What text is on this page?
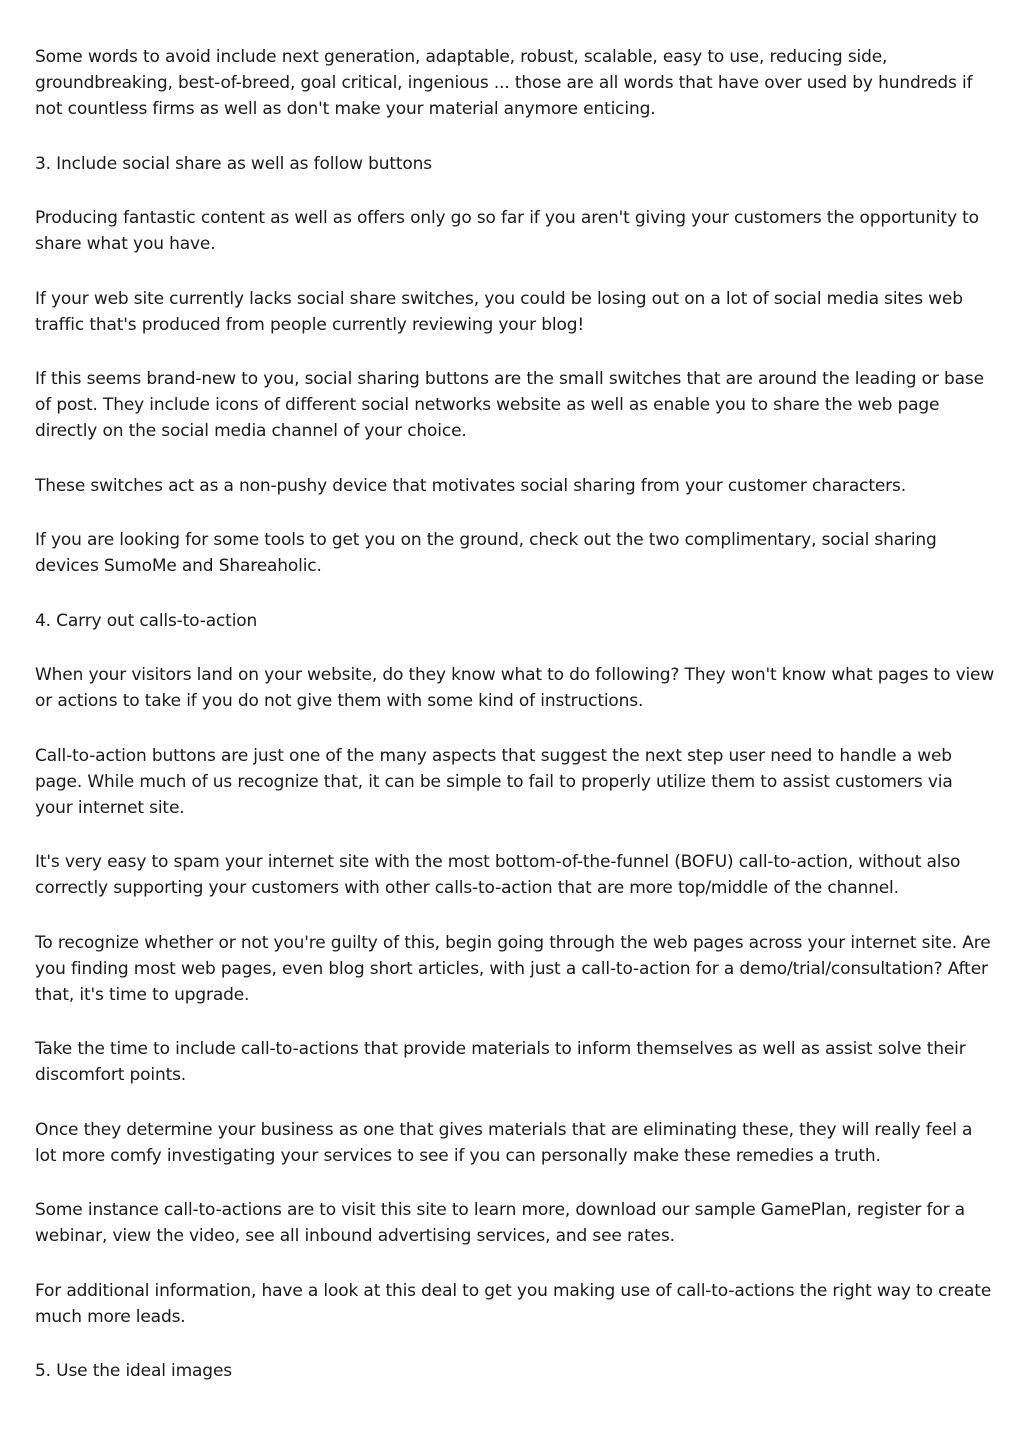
Some words to avoid include next generation, adaptable, robust, scalable, easy to use, reducing side, groundbreaking, best-of-breed, goal critical, ingenious ... those are all words that have over used by hundreds if not countless firms as well as don't make your material anymore enticing.

3. Include social share as well as follow buttons

Producing fantastic content as well as offers only go so far if you aren't giving your customers the opportunity to share what you have.

If your web site currently lacks social share switches, you could be losing out on a lot of social media sites web traffic that's produced from people currently reviewing your blog!

If this seems brand-new to you, social sharing buttons are the small switches that are around the leading or base of post. They include icons of different social networks website as well as enable you to share the web page directly on the social media channel of your choice.

These switches act as a non-pushy device that motivates social sharing from your customer characters.

If you are looking for some tools to get you on the ground, check out the two complimentary, social sharing devices SumoMe and Shareaholic.

4. Carry out calls-to-action

When your visitors land on your website, do they know what to do following? They won't know what pages to view or actions to take if you do not give them with some kind of instructions.

Call-to-action buttons are just one of the many aspects that suggest the next step user need to handle a web page. While much of us recognize that, it can be simple to fail to properly utilize them to assist customers via your internet site.

It's very easy to spam your internet site with the most bottom-of-the-funnel (BOFU) call-to-action, without also correctly supporting your customers with other calls-to-action that are more top/middle of the channel.

To recognize whether or not you're guilty of this, begin going through the web pages across your internet site. Are you finding most web pages, even blog short articles, with just a call-to-action for a demo/trial/consultation? After that, it's time to upgrade.

Take the time to include call-to-actions that provide materials to inform themselves as well as assist solve their discomfort points.

Once they determine your business as one that gives materials that are eliminating these, they will really feel a lot more comfy investigating your services to see if you can personally make these remedies a truth.

Some instance call-to-actions are to visit this site to learn more, download our sample GamePlan, register for a webinar, view the video, see all inbound advertising services, and see rates.

For additional information, have a look at this deal to get you making use of call-to-actions the right way to create much more leads.

5. Use the ideal images
